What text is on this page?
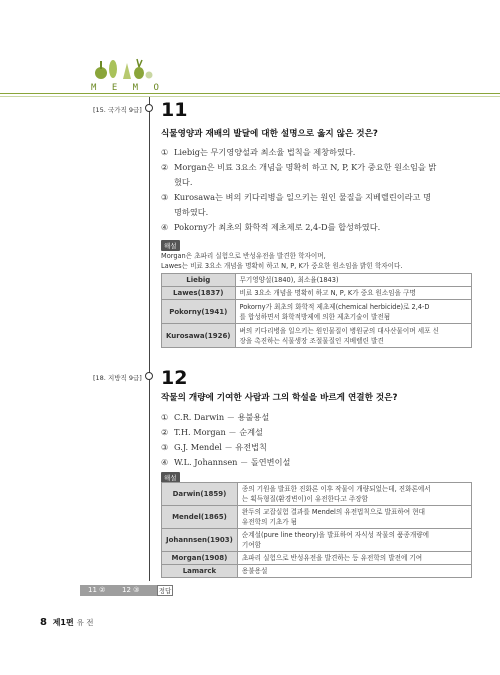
M E M O
[15. 국가직 9급] 11
식물영양과 재배의 발달에 대한 설명으로 옳지 않은 것은?
① Liebig는 무기영양설과 최소율 법칙을 제창하였다.
② Morgan은 비료 3요소 개념을 명확히 하고 N, P, K가 중요한 원소임을 밝
혔다.
③ Kurosawa는 벼의 키다리병을 일으키는 원인 물질을 지베렐린이라고 명
명하였다.
④ Pokorny가 최초의 화학적 제초제로 2,4-D를 합성하였다.
해설
Morgan은 초파리 실험으로 반성유전을 발견한 학자이며,
Lawes는 비료 3요소 개념을 명확히 하고 N, P, K가 중요한 원소임을 밝힌 학자이다.
Liebig	무기영양설(1840), 최소율(1843)
Lawes(1837)	비료 3요소 개념을 명확히 하고 N, P, K가 중요 원소임을 구명
Pokorny(1941)	Pokorny가 최초의 화학적 제초제(chemical herbicide)로 2,4-D
를 합성하면서 화학적방제에 의한 제초기술이 발전됨
Kurosawa(1926)	벼의 키다리병을 일으키는 원인물질이 병원균의 대사산물이며 세포 신
장을 촉진하는 식물생장 조절물질인 지베렐린 발견
[18. 지방직 9급] 12
작물의 개량에 기여한 사람과 그의 학설을 바르게 연결한 것은?
① C.R. Darwin － 용불용설
② T.H. Morgan － 순계설
③ G.J. Mendel － 유전법칙
④ W.L. Johannsen － 돌연변이설
해설
Darwin(1859)	종의 기원을 발표한 진화론 이후 작물이 개량되었는데, 진화론에서
는 획득형질(환경변이)이 유전한다고 주장함
Mendel(1865)	완두의 교잡실험 결과를 Mendel의 유전법칙으로 발표하여 현대
유전학의 기초가 됨
Johannsen(1903)	순계설(pure line theory)을 발표하여 자식성 작물의 품종개량에
기여함
Morgan(1908)	초파리 실험으로 반성유전을 발견하는 등 유전학의 발전에 기여
Lamarck	용불용설
11 ② 12 ③	정답
8 제1편 유 전
